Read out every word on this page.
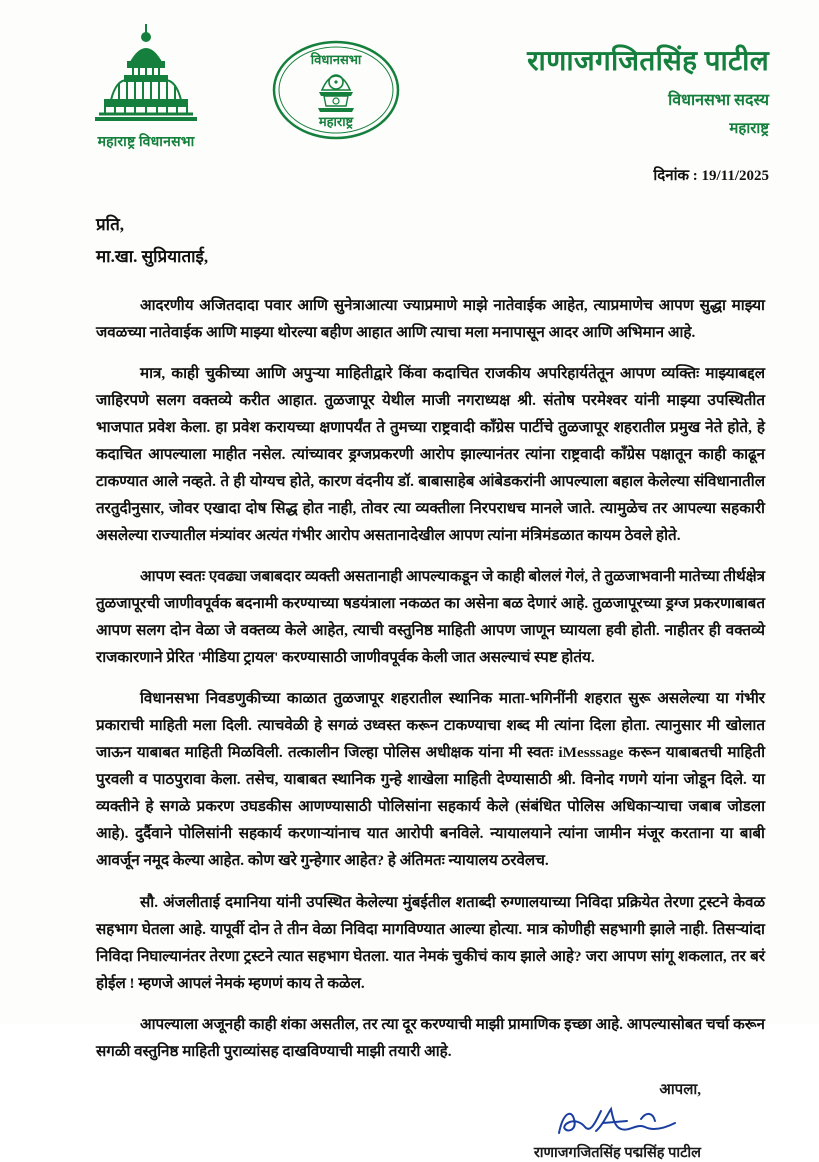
महाराष्ट्र विधानसभा
विधानसभा
महाराष्ट्र
राणाजगजितसिंह पाटील
विधानसभा सदस्य
महाराष्ट्र
दिनांक : 19/11/2025
प्रति,
मा.खा. सुप्रियाताई,

आदरणीय अजितदादा पवार आणि सुनेत्राआत्या ज्याप्रमाणे माझे नातेवाईक आहेत, त्याप्रमाणेच आपण सुद्धा माझ्या जवळच्या नातेवाईक आणि माझ्या थोरल्या बहीण आहात आणि त्याचा मला मनापासून आदर आणि अभिमान आहे.

मात्र, काही चुकीच्या आणि अपुऱ्या माहितीद्वारे किंवा कदाचित राजकीय अपरिहार्यतेतून आपण व्यक्तिः माझ्याबद्दल जाहिरपणे सलग वक्तव्ये करीत आहात. तुळजापूर येथील माजी नगराध्यक्ष श्री. संतोष परमेश्वर यांनी माझ्या उपस्थितीत भाजपात प्रवेश केला. हा प्रवेश करायच्या क्षणापर्यंत ते तुमच्या राष्ट्रवादी काँग्रेस पार्टीचे तुळजापूर शहरातील प्रमुख नेते होते, हे कदाचित आपल्याला माहीत नसेल. त्यांच्यावर ड्रग्जप्रकरणी आरोप झाल्यानंतर त्यांना राष्ट्रवादी काँग्रेस पक्षातून काही काढून टाकण्यात आले नव्हते. ते ही योग्यच होते, कारण वंदनीय डॉ. बाबासाहेब आंबेडकरांनी आपल्याला बहाल केलेल्या संविधानातील तरतुदीनुसार, जोवर एखादा दोष सिद्ध होत नाही, तोवर त्या व्यक्तीला निरपराधच मानले जाते. त्यामुळेच तर आपल्या सहकारी असलेल्या राज्यातील मंत्र्यांवर अत्यंत गंभीर आरोप असतानादेखील आपण त्यांना मंत्रिमंडळात कायम ठेवले होते.

आपण स्वतः एवढ्या जबाबदार व्यक्ती असतानाही आपल्याकडून जे काही बोललं गेलं, ते तुळजाभवानी मातेच्या तीर्थक्षेत्र तुळजापूरची जाणीवपूर्वक बदनामी करण्याच्या षडयंत्राला नकळत का असेना बळ देणारं आहे. तुळजापूरच्या ड्रग्ज प्रकरणाबाबत आपण सलग दोन वेळा जे वक्तव्य केले आहेत, त्याची वस्तुनिष्ठ माहिती आपण जाणून घ्यायला हवी होती. नाहीतर ही वक्तव्ये राजकारणाने प्रेरित 'मीडिया ट्रायल' करण्यासाठी जाणीवपूर्वक केली जात असल्याचं स्पष्ट होतंय.

विधानसभा निवडणुकीच्या काळात तुळजापूर शहरातील स्थानिक माता-भगिनींनी शहरात सुरू असलेल्या या गंभीर प्रकाराची माहिती मला दिली. त्याचवेळी हे सगळं उध्वस्त करून टाकण्याचा शब्द मी त्यांना दिला होता. त्यानुसार मी खोलात जाऊन याबाबत माहिती मिळविली. तत्कालीन जिल्हा पोलिस अधीक्षक यांना मी स्वतः iMesssage करून याबाबतची माहिती पुरवली व पाठपुरावा केला. तसेच, याबाबत स्थानिक गुन्हे शाखेला माहिती देण्यासाठी श्री. विनोद गणगे यांना जोडून दिले. या व्यक्तीने हे सगळे प्रकरण उघडकीस आणण्यासाठी पोलिसांना सहकार्य केले (संबंधित पोलिस अधिकाऱ्याचा जबाब जोडला आहे). दुर्दैवाने पोलिसांनी सहकार्य करणाऱ्यांनाच यात आरोपी बनविले. न्यायालयाने त्यांना जामीन मंजूर करताना या बाबी आवर्जून नमूद केल्या आहेत. कोण खरे गुन्हेगार आहेत? हे अंतिमतः न्यायालय ठरवेलच.

सौ. अंजलीताई दमानिया यांनी उपस्थित केलेल्या मुंबईतील शताब्दी रुग्णालयाच्या निविदा प्रक्रियेत तेरणा ट्रस्टने केवळ सहभाग घेतला आहे. यापूर्वी दोन ते तीन वेळा निविदा मागविण्यात आल्या होत्या. मात्र कोणीही सहभागी झाले नाही. तिसऱ्यांदा निविदा निघाल्यानंतर तेरणा ट्रस्टने त्यात सहभाग घेतला. यात नेमकं चुकीचं काय झाले आहे? जरा आपण सांगू शकलात, तर बरं होईल ! म्हणजे आपलं नेमकं म्हणणं काय ते कळेल.

आपल्याला अजूनही काही शंका असतील, तर त्या दूर करण्याची माझी प्रामाणिक इच्छा आहे. आपल्यासोबत चर्चा करून सगळी वस्तुनिष्ठ माहिती पुराव्यांसह दाखविण्याची माझी तयारी आहे.

आपला,
राणाजगजितसिंह पद्मसिंह पाटील
